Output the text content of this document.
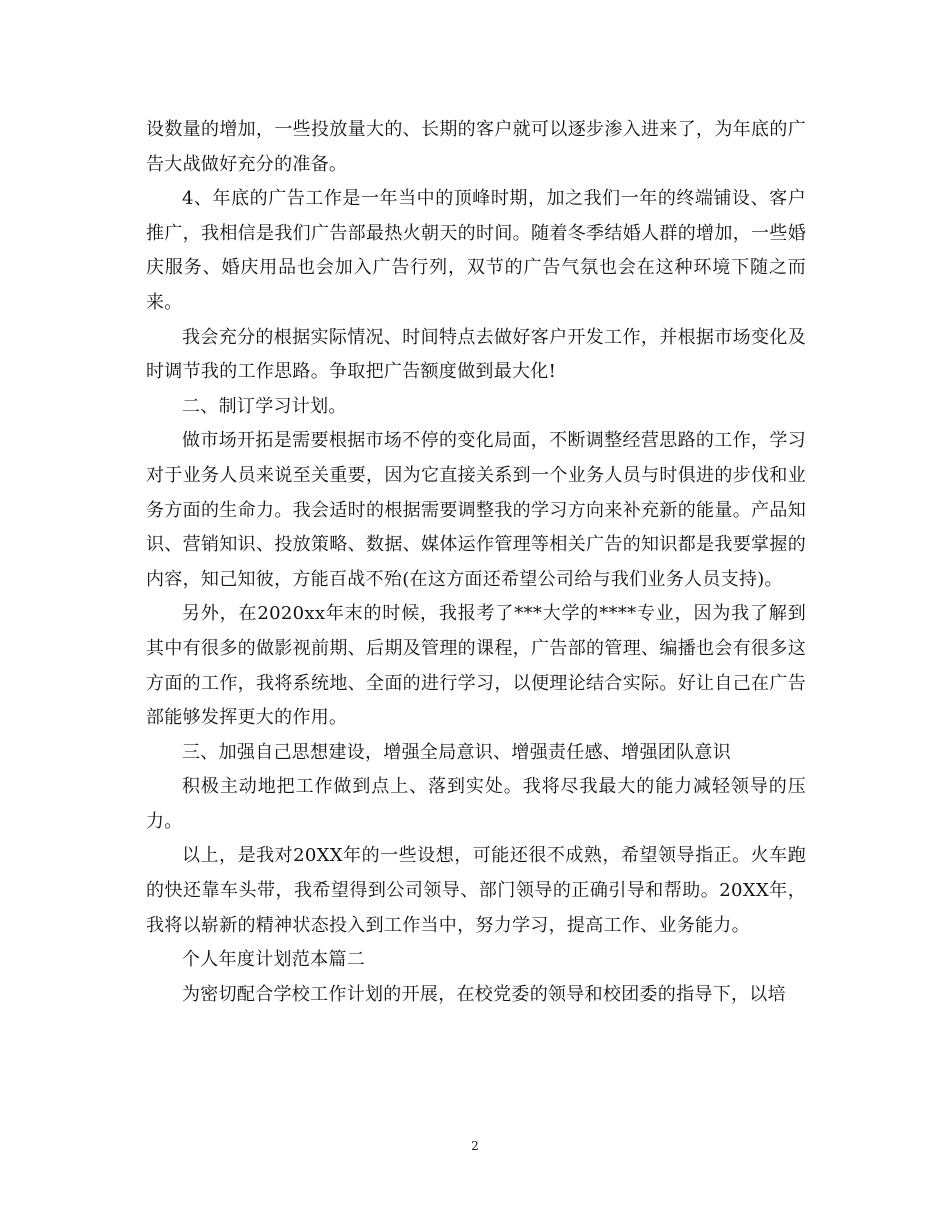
设数量的增加，一些投放量大的、长期的客户就可以逐步渗入进来了，为年底的广告大战做好充分的准备。

4、年底的广告工作是一年当中的顶峰时期，加之我们一年的终端铺设、客户推广，我相信是我们广告部最热火朝天的时间。随着冬季结婚人群的增加，一些婚庆服务、婚庆用品也会加入广告行列，双节的广告气氛也会在这种环境下随之而来。

我会充分的根据实际情况、时间特点去做好客户开发工作，并根据市场变化及时调节我的工作思路。争取把广告额度做到最大化!

二、制订学习计划。

做市场开拓是需要根据市场不停的变化局面，不断调整经营思路的工作，学习对于业务人员来说至关重要，因为它直接关系到一个业务人员与时俱进的步伐和业务方面的生命力。我会适时的根据需要调整我的学习方向来补充新的能量。产品知识、营销知识、投放策略、数据、媒体运作管理等相关广告的知识都是我要掌握的内容，知己知彼，方能百战不殆(在这方面还希望公司给与我们业务人员支持)。

另外，在2020xx年末的时候，我报考了***大学的****专业，因为我了解到其中有很多的做影视前期、后期及管理的课程，广告部的管理、编播也会有很多这方面的工作，我将系统地、全面的进行学习，以便理论结合实际。好让自己在广告部能够发挥更大的作用。

三、加强自己思想建设，增强全局意识、增强责任感、增强团队意识

积极主动地把工作做到点上、落到实处。我将尽我最大的能力减轻领导的压力。

以上，是我对20XX年的一些设想，可能还很不成熟，希望领导指正。火车跑的快还靠车头带，我希望得到公司领导、部门领导的正确引导和帮助。20XX年，我将以崭新的精神状态投入到工作当中，努力学习，提高工作、业务能力。

个人年度计划范本篇二

为密切配合学校工作计划的开展，在校党委的领导和校团委的指导下，以培

2
